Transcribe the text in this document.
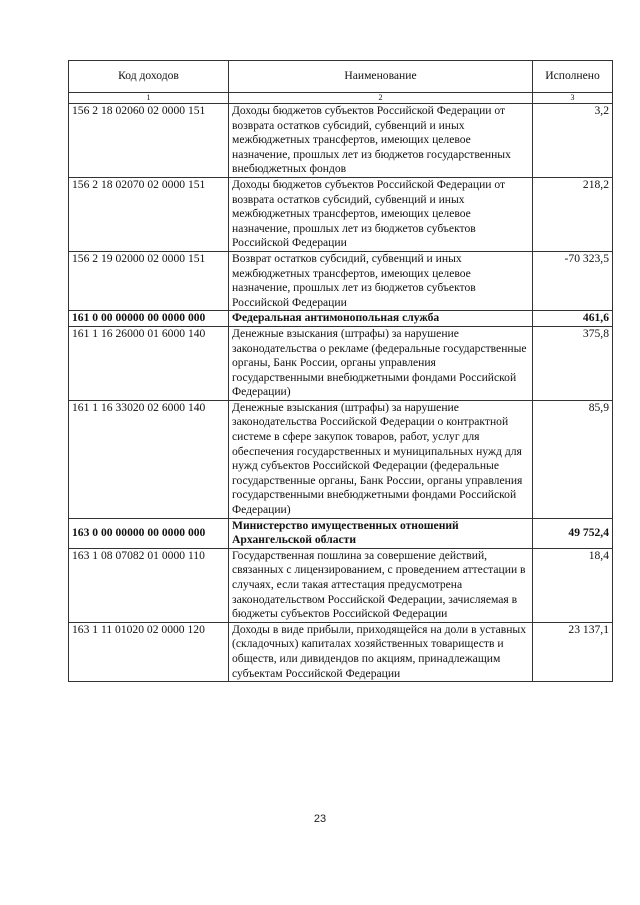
Код доходов	Наименование	Исполнено
1	2	3
156 2 18 02060 02 0000 151	Доходы бюджетов субъектов Российской Федерации от возврата остатков субсидий, субвенций и иных межбюджетных трансфертов, имеющих целевое назначение, прошлых лет из бюджетов государственных внебюджетных фондов	3,2
156 2 18 02070 02 0000 151	Доходы бюджетов субъектов Российской Федерации от возврата остатков субсидий, субвенций и иных межбюджетных трансфертов, имеющих целевое назначение, прошлых лет из бюджетов субъектов Российской Федерации	218,2
156 2 19 02000 02 0000 151	Возврат остатков субсидий, субвенций и иных межбюджетных трансфертов, имеющих целевое назначение, прошлых лет из бюджетов субъектов Российской Федерации	-70 323,5
161 0 00 00000 00 0000 000	Федеральная антимонопольная служба	461,6
161 1 16 26000 01 6000 140	Денежные взыскания (штрафы) за нарушение законодательства о рекламе (федеральные государственные органы, Банк России, органы управления государственными внебюджетными фондами Российской Федерации)	375,8
161 1 16 33020 02 6000 140	Денежные взыскания (штрафы) за нарушение законодательства Российской Федерации о контрактной системе в сфере закупок товаров, работ, услуг для обеспечения государственных и муниципальных нужд для нужд субъектов Российской Федерации (федеральные государственные органы, Банк России, органы управления государственными внебюджетными фондами Российской Федерации)	85,9
163 0 00 00000 00 0000 000	Министерство имущественных отношений Архангельской области	49 752,4
163 1 08 07082 01 0000 110	Государственная пошлина за совершение действий, связанных с лицензированием, с проведением аттестации в случаях, если такая аттестация предусмотрена законодательством Российской Федерации, зачисляемая в бюджеты субъектов Российской Федерации	18,4
163 1 11 01020 02 0000 120	Доходы в виде прибыли, приходящейся на доли в уставных (складочных) капиталах хозяйственных товариществ и обществ, или дивидендов по акциям, принадлежащим субъектам Российской Федерации	23 137,1
23
